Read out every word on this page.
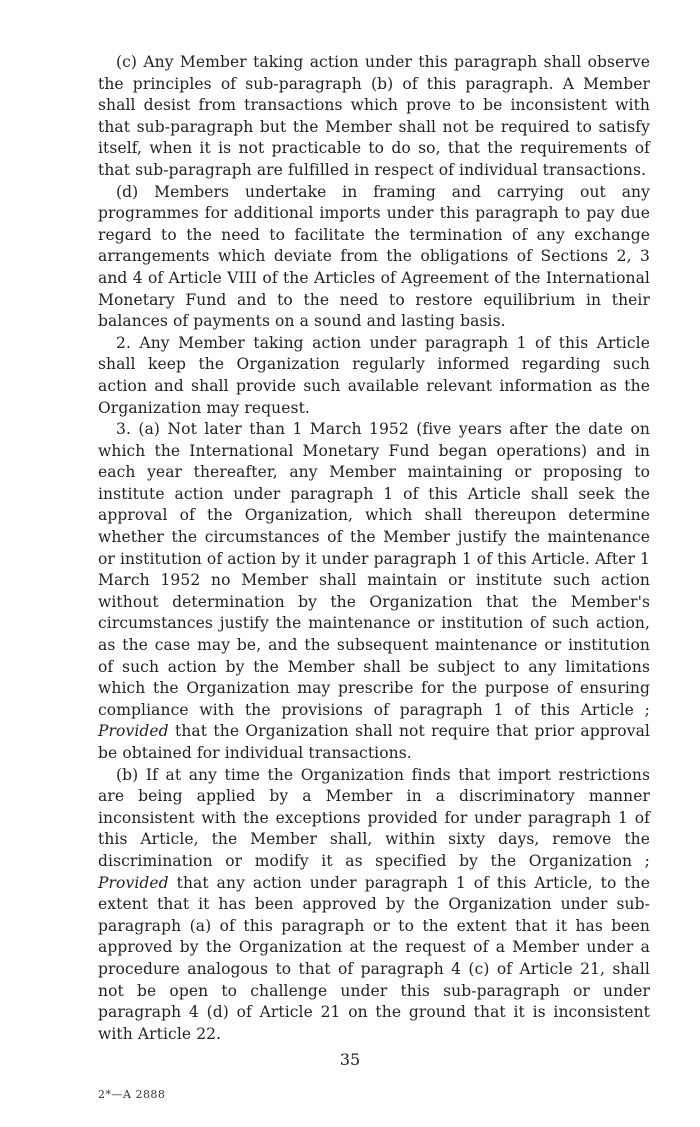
(c) Any Member taking action under this paragraph shall observe the principles of sub-paragraph (b) of this paragraph. A Member shall desist from transactions which prove to be inconsistent with that sub-paragraph but the Member shall not be required to satisfy itself, when it is not practicable to do so, that the requirements of that sub-paragraph are fulfilled in respect of individual transactions.

(d) Members undertake in framing and carrying out any programmes for additional imports under this paragraph to pay due regard to the need to facilitate the termination of any exchange arrangements which deviate from the obligations of Sections 2, 3 and 4 of Article VIII of the Articles of Agreement of the International Monetary Fund and to the need to restore equilibrium in their balances of payments on a sound and lasting basis.

2. Any Member taking action under paragraph 1 of this Article shall keep the Organization regularly informed regarding such action and shall provide such available relevant information as the Organization may request.

3. (a) Not later than 1 March 1952 (five years after the date on which the International Monetary Fund began operations) and in each year thereafter, any Member maintaining or proposing to institute action under paragraph 1 of this Article shall seek the approval of the Organization, which shall thereupon determine whether the circumstances of the Member justify the maintenance or institution of action by it under paragraph 1 of this Article. After 1 March 1952 no Member shall maintain or institute such action without determination by the Organization that the Member's circumstances justify the maintenance or institution of such action, as the case may be, and the subsequent maintenance or institution of such action by the Member shall be subject to any limitations which the Organization may prescribe for the purpose of ensuring compliance with the provisions of paragraph 1 of this Article ; Provided that the Organization shall not require that prior approval be obtained for individual transactions.

(b) If at any time the Organization finds that import restrictions are being applied by a Member in a discriminatory manner inconsistent with the exceptions provided for under paragraph 1 of this Article, the Member shall, within sixty days, remove the discrimination or modify it as specified by the Organization ; Provided that any action under paragraph 1 of this Article, to the extent that it has been approved by the Organization under sub-paragraph (a) of this paragraph or to the extent that it has been approved by the Organization at the request of a Member under a procedure analogous to that of paragraph 4 (c) of Article 21, shall not be open to challenge under this sub-paragraph or under paragraph 4 (d) of Article 21 on the ground that it is inconsistent with Article 22.

35
2*—A 2888
